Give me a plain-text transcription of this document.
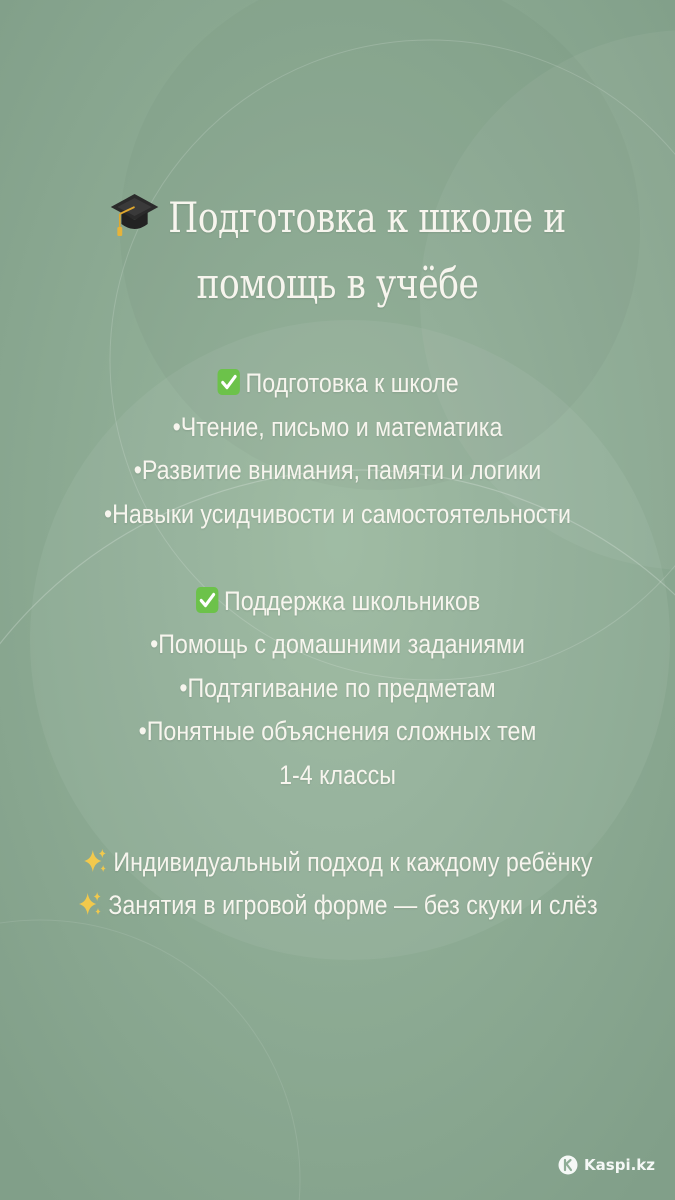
Подготовка к школе и
помощь в учёбе
Подготовка к школе
•Чтение, письмо и математика
•Развитие внимания, памяти и логики
•Навыки усидчивости и самостоятельности
Поддержка школьников
•Помощь с домашними заданиями
•Подтягивание по предметам
•Понятные объяснения сложных тем
1-4 классы
Индивидуальный подход к каждому ребёнку
Занятия в игровой форме — без скуки и слёз
Kaspi.kz
